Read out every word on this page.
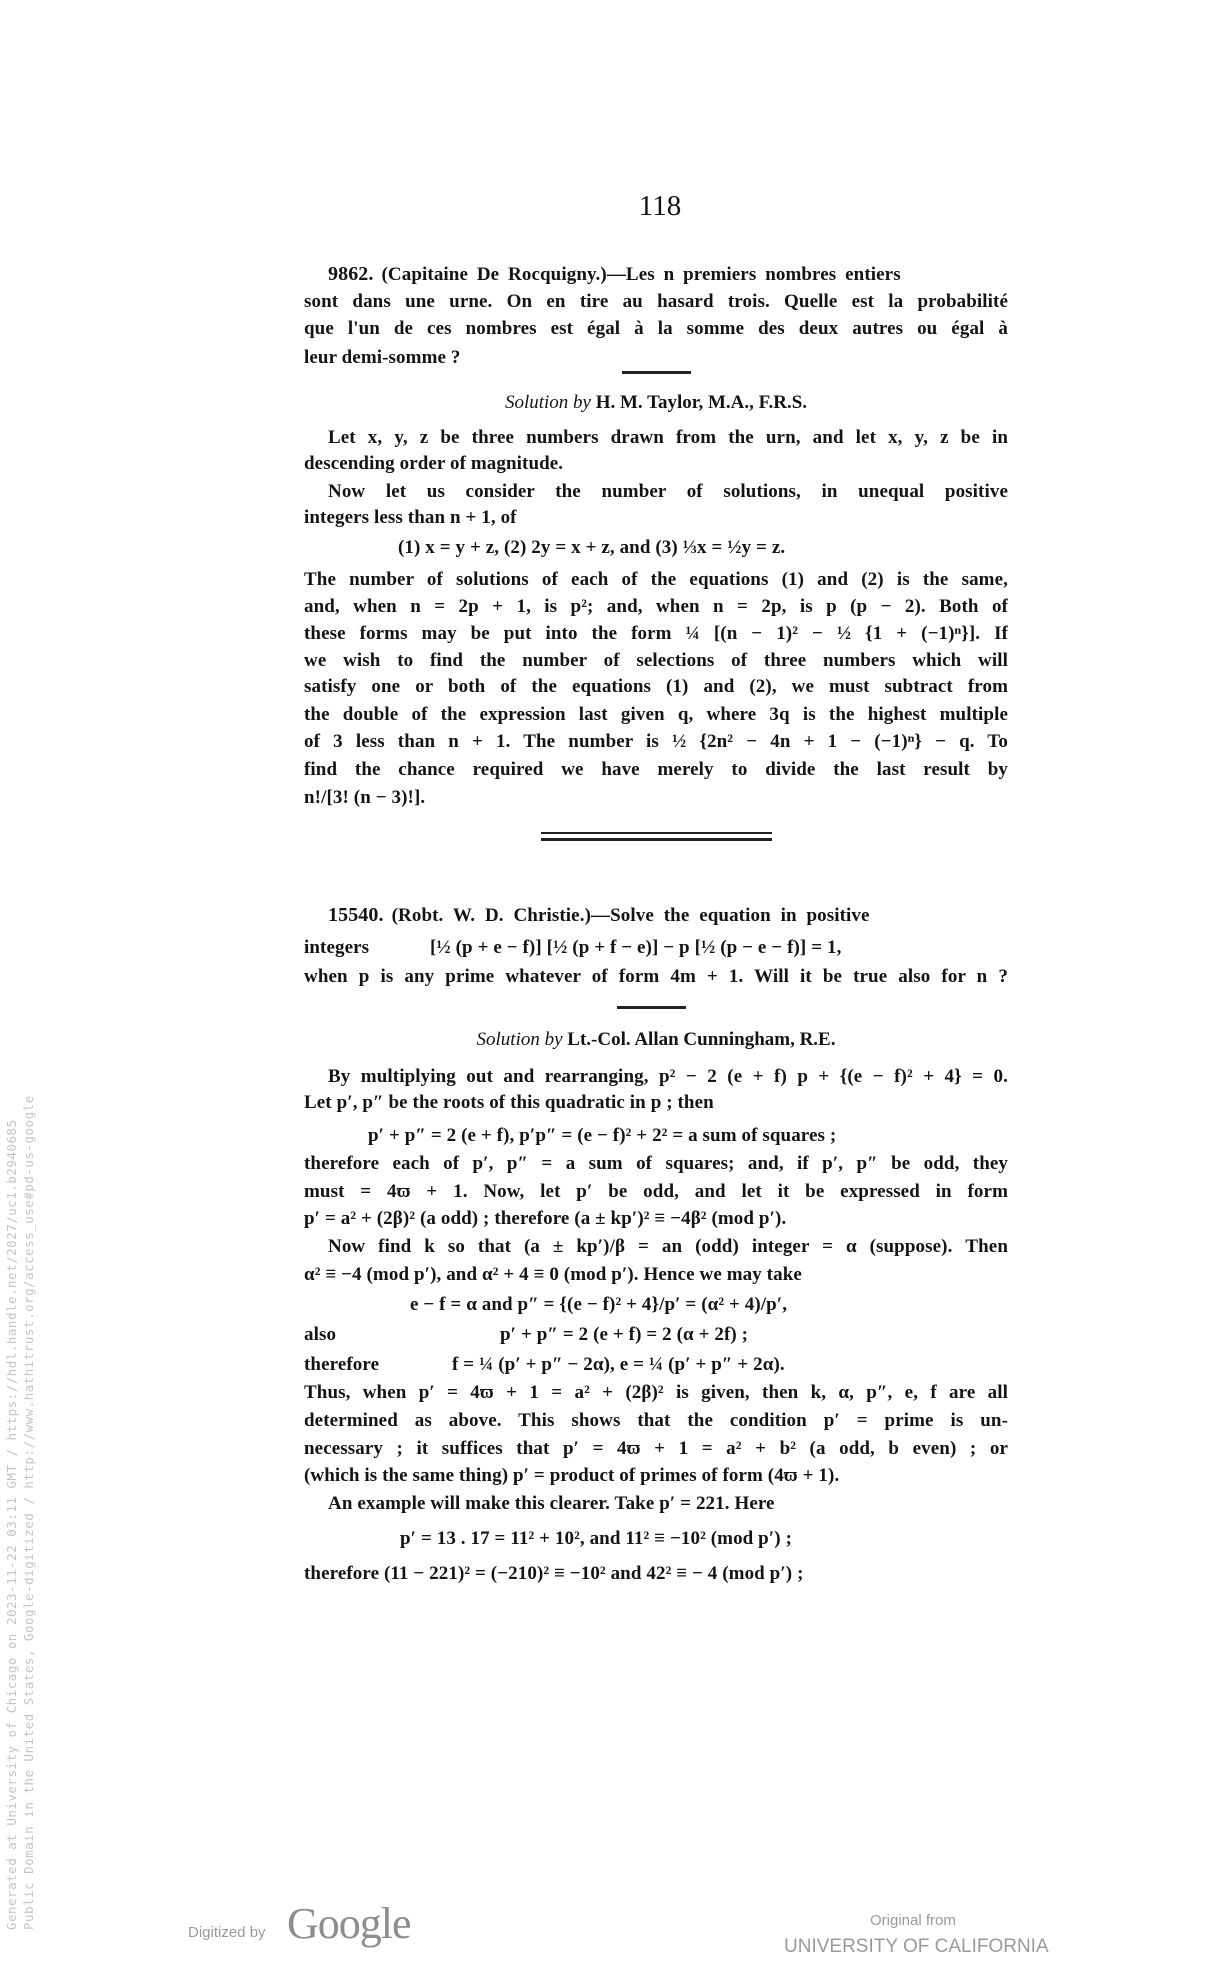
118
9862. (Capitaine De Rocquigny.)—Les n premiers nombres entiers
sont dans une urne. On en tire au hasard trois. Quelle est la probabilité
que l'un de ces nombres est égal à la somme des deux autres ou égal à
leur demi-somme ?
Solution by H. M. Taylor, M.A., F.R.S.
Let x, y, z be three numbers drawn from the urn, and let x, y, z be in
descending order of magnitude.
Now let us consider the number of solutions, in unequal positive
integers less than n + 1, of
(1) x = y + z, (2) 2y = x + z, and (3) ⅓x = ½y = z.
The number of solutions of each of the equations (1) and (2) is the same,
and, when n = 2p + 1, is p²; and, when n = 2p, is p (p − 2). Both of
these forms may be put into the form ¼ [(n − 1)² − ½ {1 + (−1)ⁿ}]. If
we wish to find the number of selections of three numbers which will
satisfy one or both of the equations (1) and (2), we must subtract from
the double of the expression last given q, where 3q is the highest multiple
of 3 less than n + 1. The number is ½ {2n² − 4n + 1 − (−1)ⁿ} − q. To
find the chance required we have merely to divide the last result by
n!/[3! (n − 3)!].
15540. (Robt. W. D. Christie.)—Solve the equation in positive
integers	[½ (p + e − f)] [½ (p + f − e)] − p [½ (p − e − f)] = 1,
when p is any prime whatever of form 4m + 1. Will it be true also for n ?
Solution by Lt.-Col. Allan Cunningham, R.E.
By multiplying out and rearranging, p² − 2 (e + f) p + {(e − f)² + 4} = 0.
Let p′, p″ be the roots of this quadratic in p ; then
p′ + p″ = 2 (e + f), p′p″ = (e − f)² + 2² = a sum of squares ;
therefore each of p′, p″ = a sum of squares; and, if p′, p″ be odd, they
must = 4ϖ + 1. Now, let p′ be odd, and let it be expressed in form
p′ = a² + (2β)² (a odd) ; therefore (a ± kp′)² ≡ −4β² (mod p′).
Now find k so that (a ± kp′)/β = an (odd) integer = α (suppose). Then
α² ≡ −4 (mod p′), and α² + 4 ≡ 0 (mod p′). Hence we may take
e − f = α and p″ = {(e − f)² + 4}/p′ = (α² + 4)/p′,
also	p′ + p″ = 2 (e + f) = 2 (α + 2f) ;
therefore	f = ¼ (p′ + p″ − 2α), e = ¼ (p′ + p″ + 2α).
Thus, when p′ = 4ϖ + 1 = a² + (2β)² is given, then k, α, p″, e, f are all
determined as above. This shows that the condition p′ = prime is un-
necessary ; it suffices that p′ = 4ϖ + 1 = a² + b² (a odd, b even) ; or
(which is the same thing) p′ = product of primes of form (4ϖ + 1).
An example will make this clearer. Take p′ = 221. Here
p′ = 13 . 17 = 11² + 10², and 11² ≡ −10² (mod p′) ;
therefore (11 − 221)² = (−210)² ≡ −10² and 42² ≡ − 4 (mod p′) ;
Generated at University of Chicago on 2023-11-22 03:11 GMT / https://hdl.handle.net/2027/uc1.b2940685 Public Domain in the United States, Google-digitized / http://www.hathitrust.org/access_use#pd-us-google
Digitized by Google	Original from
UNIVERSITY OF CALIFORNIA
